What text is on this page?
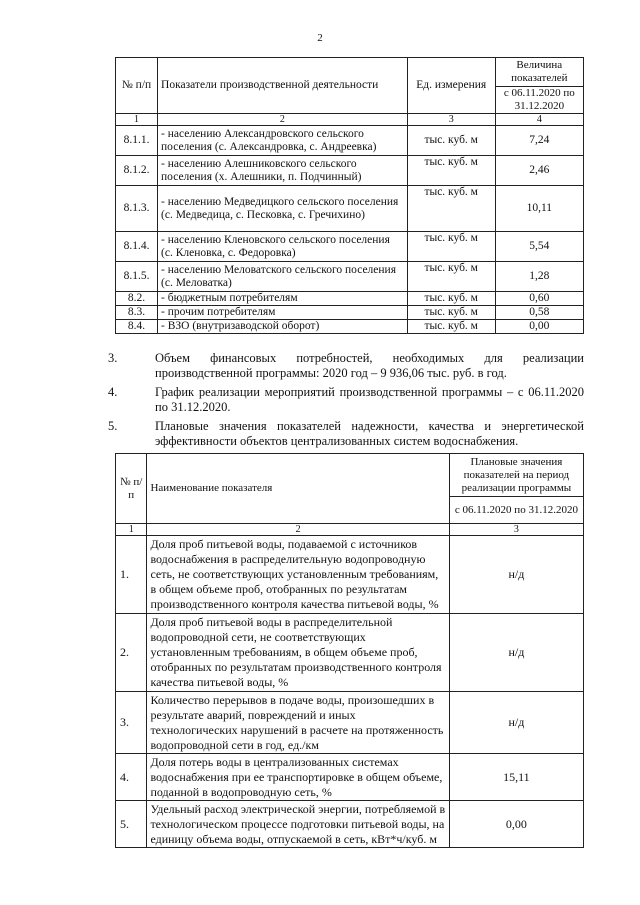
2
№ п/п	Показатели производственной деятельности	Ед. измерения	Величина показателей
			с 06.11.2020 по 31.12.2020
1	2	3	4
8.1.1.	- населению Александровского сельского поселения (с. Александровка, с. Андреевка)	тыс. куб. м	7,24
8.1.2.	- населению Алешниковского сельского поселения (х. Алешники, п. Подчинный)	тыс. куб. м	2,46
8.1.3.	- населению Медведицкого сельского поселения (с. Медведица, с. Песковка, с. Гречихино)	тыс. куб. м	10,11
8.1.4.	- населению Кленовского сельского поселения (с. Кленовка, с. Федоровка)	тыс. куб. м	5,54
8.1.5.	- населению Меловатского сельского поселения (с. Меловатка)	тыс. куб. м	1,28
8.2.	- бюджетным потребителям	тыс. куб. м	0,60
8.3.	- прочим потребителям	тыс. куб. м	0,58
8.4.	- ВЗО (внутризаводской оборот)	тыс. куб. м	0,00
3.	Объем финансовых потребностей, необходимых для реализации производственной программы: 2020 год – 9 936,06 тыс. руб. в год.
4.	График реализации мероприятий производственной программы – с 06.11.2020 по 31.12.2020.
5.	Плановые значения показателей надежности, качества и энергетической эффективности объектов централизованных систем водоснабжения.
№ п/п	Наименование показателя	Плановые значения показателей на период реализации программы
		с 06.11.2020 по 31.12.2020
1	2	3
1.	Доля проб питьевой воды, подаваемой с источников водоснабжения в распределительную водопроводную сеть, не соответствующих установленным требованиям, в общем объеме проб, отобранных по результатам производственного контроля качества питьевой воды, %	н/д
2.	Доля проб питьевой воды в распределительной водопроводной сети, не соответствующих установленным требованиям, в общем объеме проб, отобранных по результатам производственного контроля качества питьевой воды, %	н/д
3.	Количество перерывов в подаче воды, произошедших в результате аварий, повреждений и иных технологических нарушений в расчете на протяженность водопроводной сети в год, ед./км	н/д
4.	Доля потерь воды в централизованных системах водоснабжения при ее транспортировке в общем объеме, поданной в водопроводную сеть, %	15,11
5.	Удельный расход электрической энергии, потребляемой в технологическом процессе подготовки питьевой воды, на единицу объема воды, отпускаемой в сеть, кВт*ч/куб. м	0,00
